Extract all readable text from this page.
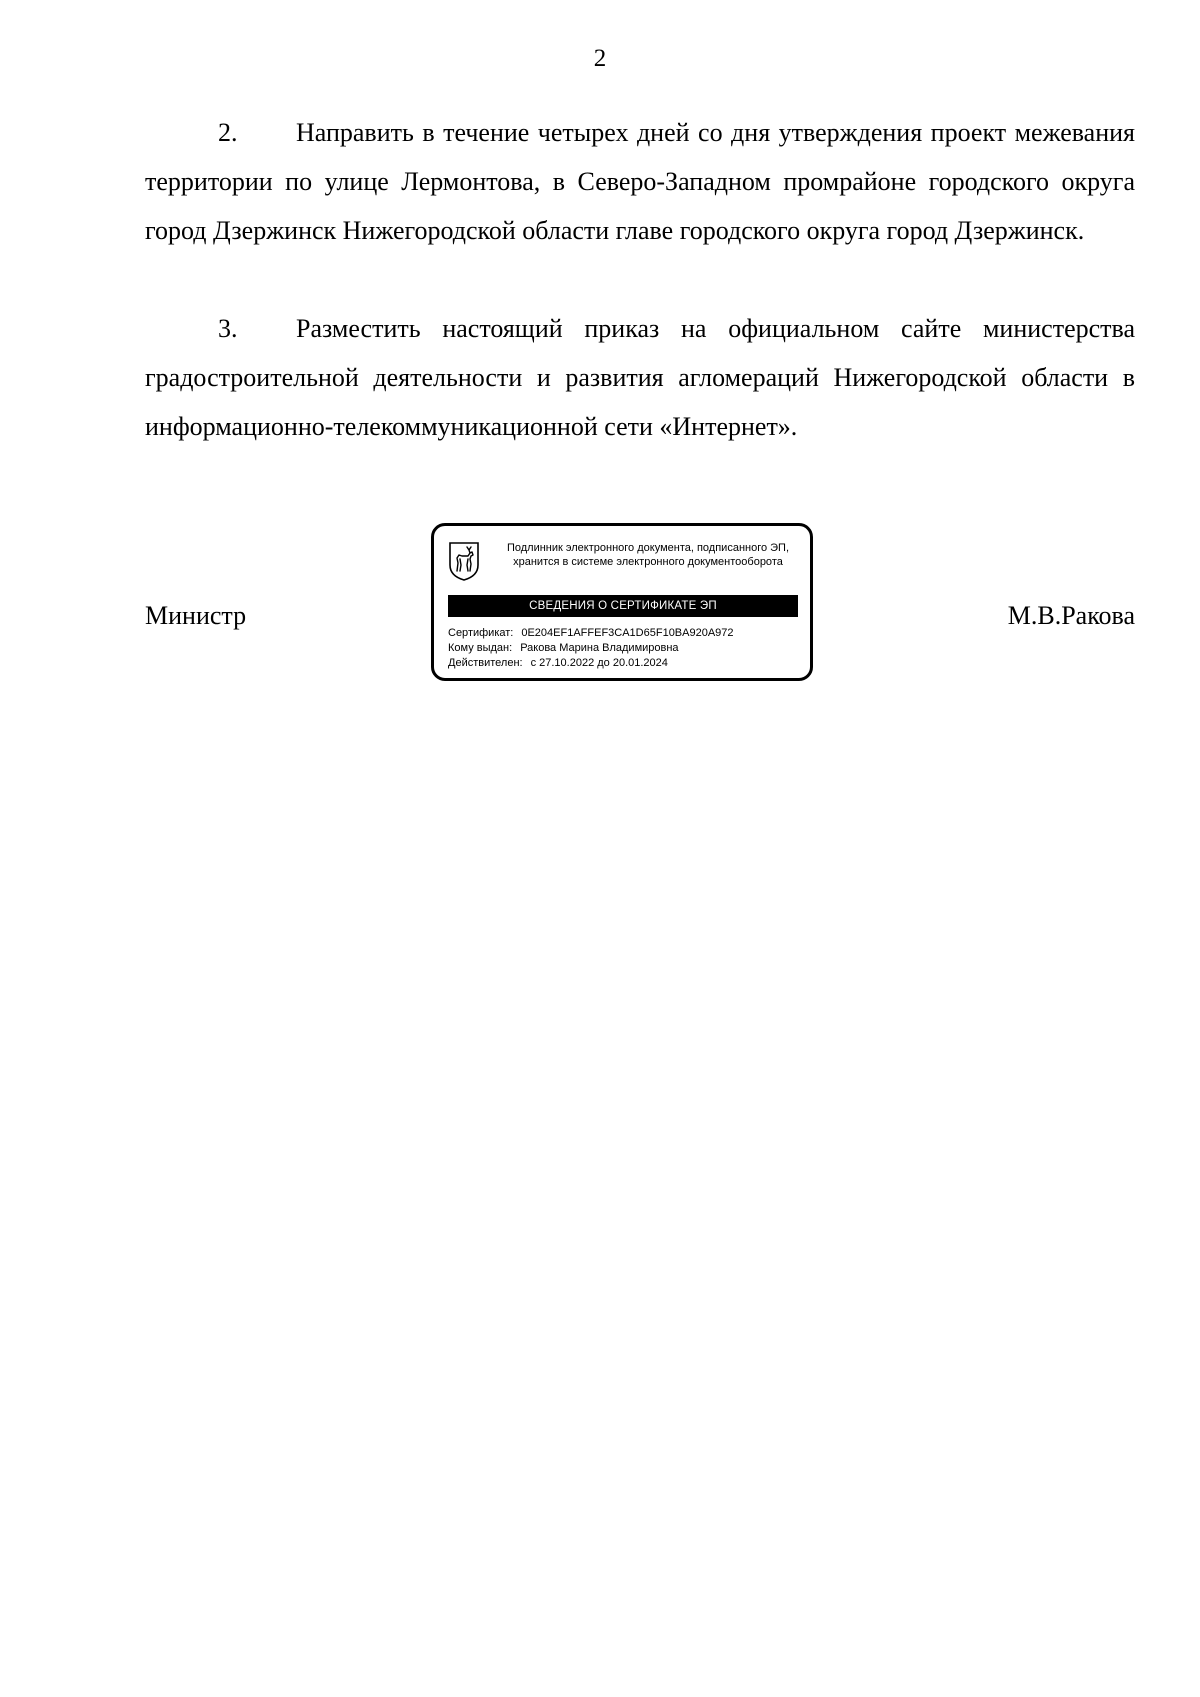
2
2. Направить в течение четырех дней со дня утверждения проект межевания территории по улице Лермонтова, в Северо-Западном промрайоне городского округа город Дзержинск Нижегородской области главе городского округа город Дзержинск.
3. Разместить настоящий приказ на официальном сайте министерства градостроительной деятельности и развития агломераций Нижегородской области в информационно-телекоммуникационной сети «Интернет».
Министр	М.В.Ракова
Подлинник электронного документа, подписанного ЭП,
хранится в системе электронного документооборота
СВЕДЕНИЯ О СЕРТИФИКАТЕ ЭП
Сертификат: 0E204EF1AFFEF3CA1D65F10BA920A972
Кому выдан: Ракова Марина Владимировна
Действителен: с 27.10.2022 до 20.01.2024
